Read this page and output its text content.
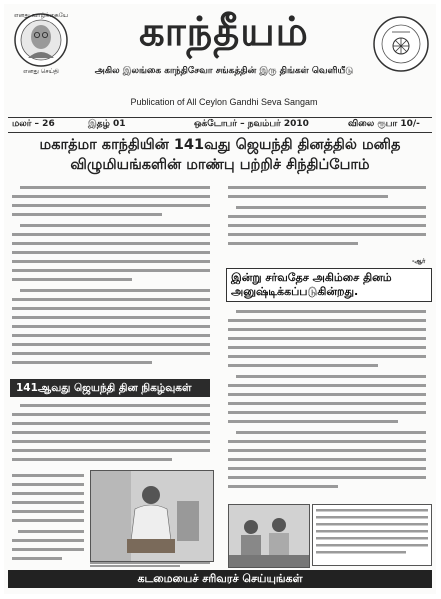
எனது வாழ்க்கையே
எனது செய்தி
காந்தீயம்
அகில இலங்கை காந்திசேவா சங்கத்தின் இரு திங்கள் வெளியீடு
Publication of All Ceylon Gandhi Seva Sangam
மலர் – 26	இதழ் 01	ஒக்டோபர் – நவம்பர் 2010	விலை ரூபா 10/-
மகாத்மா காந்தியின் 141வது ஜெயந்தி தினத்தில் மனித
விழுமியங்களின் மாண்பு பற்றிச் சிந்திப்போம்
-ஆர்
இன்று சர்வதேச அகிம்சை தினம் அனுஷ்டிக்கப்படுகின்றது.
141ஆவது ஜெயந்தி தின நிகழ்வுகள்
கடமையைச் சரிவரச் செய்யுங்கள்
